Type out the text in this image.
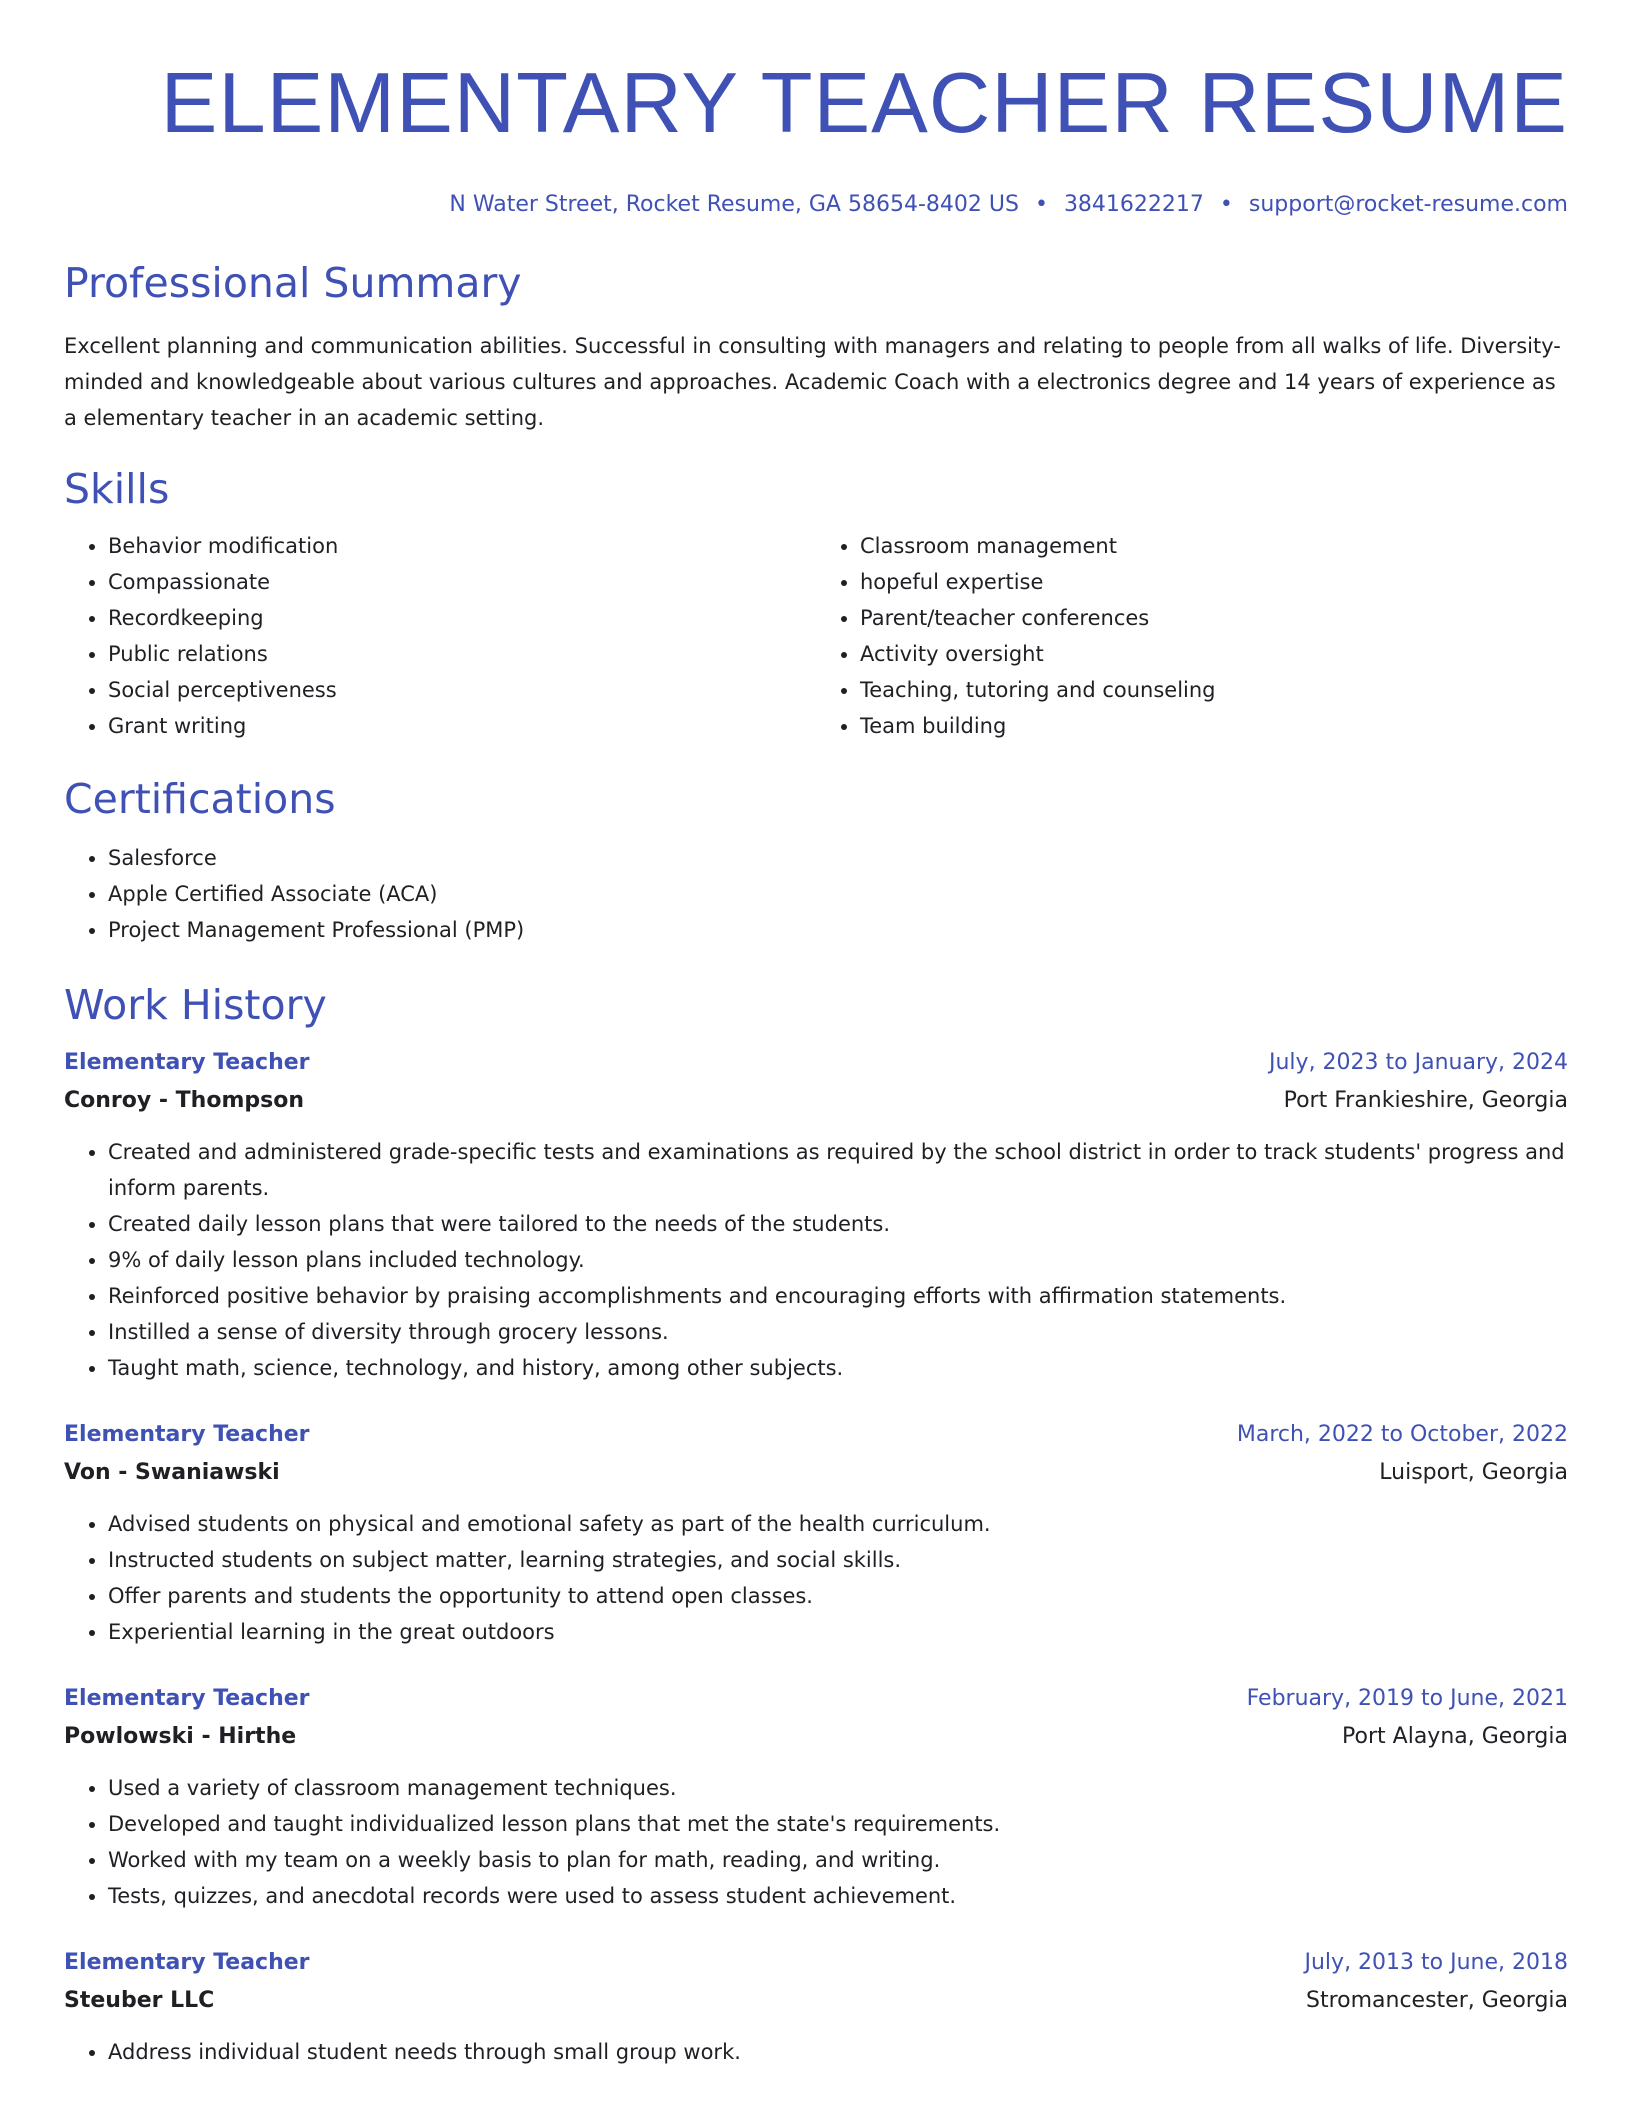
ELEMENTARY TEACHER RESUME
N Water Street, Rocket Resume, GA 58654-8402 US • 3841622217 • support@rocket-resume.com
Professional Summary
Excellent planning and communication abilities. Successful in consulting with managers and relating to people from all walks of life. Diversity-minded and knowledgeable about various cultures and approaches. Academic Coach with a electronics degree and 14 years of experience as a elementary teacher in an academic setting.
Skills
• Behavior modification
• Compassionate
• Recordkeeping
• Public relations
• Social perceptiveness
• Grant writing
• Classroom management
• hopeful expertise
• Parent/teacher conferences
• Activity oversight
• Teaching, tutoring and counseling
• Team building
Certifications
• Salesforce
• Apple Certified Associate (ACA)
• Project Management Professional (PMP)
Work History
Elementary Teacher	July, 2023 to January, 2024
Conroy - Thompson	Port Frankieshire, Georgia
• Created and administered grade-specific tests and examinations as required by the school district in order to track students' progress and inform parents.
• Created daily lesson plans that were tailored to the needs of the students.
• 9% of daily lesson plans included technology.
• Reinforced positive behavior by praising accomplishments and encouraging efforts with affirmation statements.
• Instilled a sense of diversity through grocery lessons.
• Taught math, science, technology, and history, among other subjects.
Elementary Teacher	March, 2022 to October, 2022
Von - Swaniawski	Luisport, Georgia
• Advised students on physical and emotional safety as part of the health curriculum.
• Instructed students on subject matter, learning strategies, and social skills.
• Offer parents and students the opportunity to attend open classes.
• Experiential learning in the great outdoors
Elementary Teacher	February, 2019 to June, 2021
Powlowski - Hirthe	Port Alayna, Georgia
• Used a variety of classroom management techniques.
• Developed and taught individualized lesson plans that met the state's requirements.
• Worked with my team on a weekly basis to plan for math, reading, and writing.
• Tests, quizzes, and anecdotal records were used to assess student achievement.
Elementary Teacher	July, 2013 to June, 2018
Steuber LLC	Stromancester, Georgia
• Address individual student needs through small group work.
